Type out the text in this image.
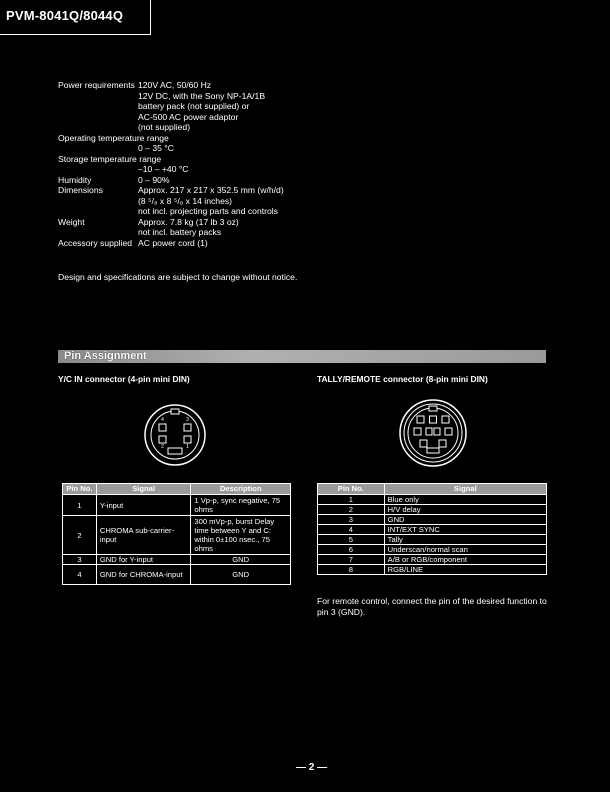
PVM-8041Q/8044Q
Power requirements 120V AC, 50/60 Hz
12V DC, with the Sony NP-1A/1B
battery pack (not supplied) or
AC-500 AC power adaptor
(not supplied)
Operating temperature range
0 – 35 °C
Storage temperature range
–10 – +40 °C
Humidity	0 – 90%
Dimensions	Approx. 217 x 217 x 352.5 mm (w/h/d)
(8 ⁵/₈ x 8 ⁵/₈ x 14 inches)
not incl. projecting parts and controls
Weight	Approx. 7.8 kg (17 lb 3 oz)
not incl. battery packs
Accessory supplied AC power cord (1)
Design and specifications are subject to change without notice.
Pin Assignment
Y/C IN connector (4-pin mini DIN)	TALLY/REMOTE connector (8-pin mini DIN)
4	3
2	1
Pin No.	Signal	Description
1	Y-input	1 Vp-p, sync negative, 75 ohms
2	CHROMA sub-carrier-input	300 mVp-p, burst Delay time between Y and C: within 0±100 nsec., 75 ohms
3	GND for Y-input	GND
4	GND for CHROMA-input	GND
Pin No.	Signal
1	Blue only
2	H/V delay
3	GND
4	INT/EXT SYNC
5	Tally
6	Underscan/normal scan
7	A/B or RGB/component
8	RGB/LINE
For remote control, connect the pin of the desired function to pin 3 (GND).
— 2 —
